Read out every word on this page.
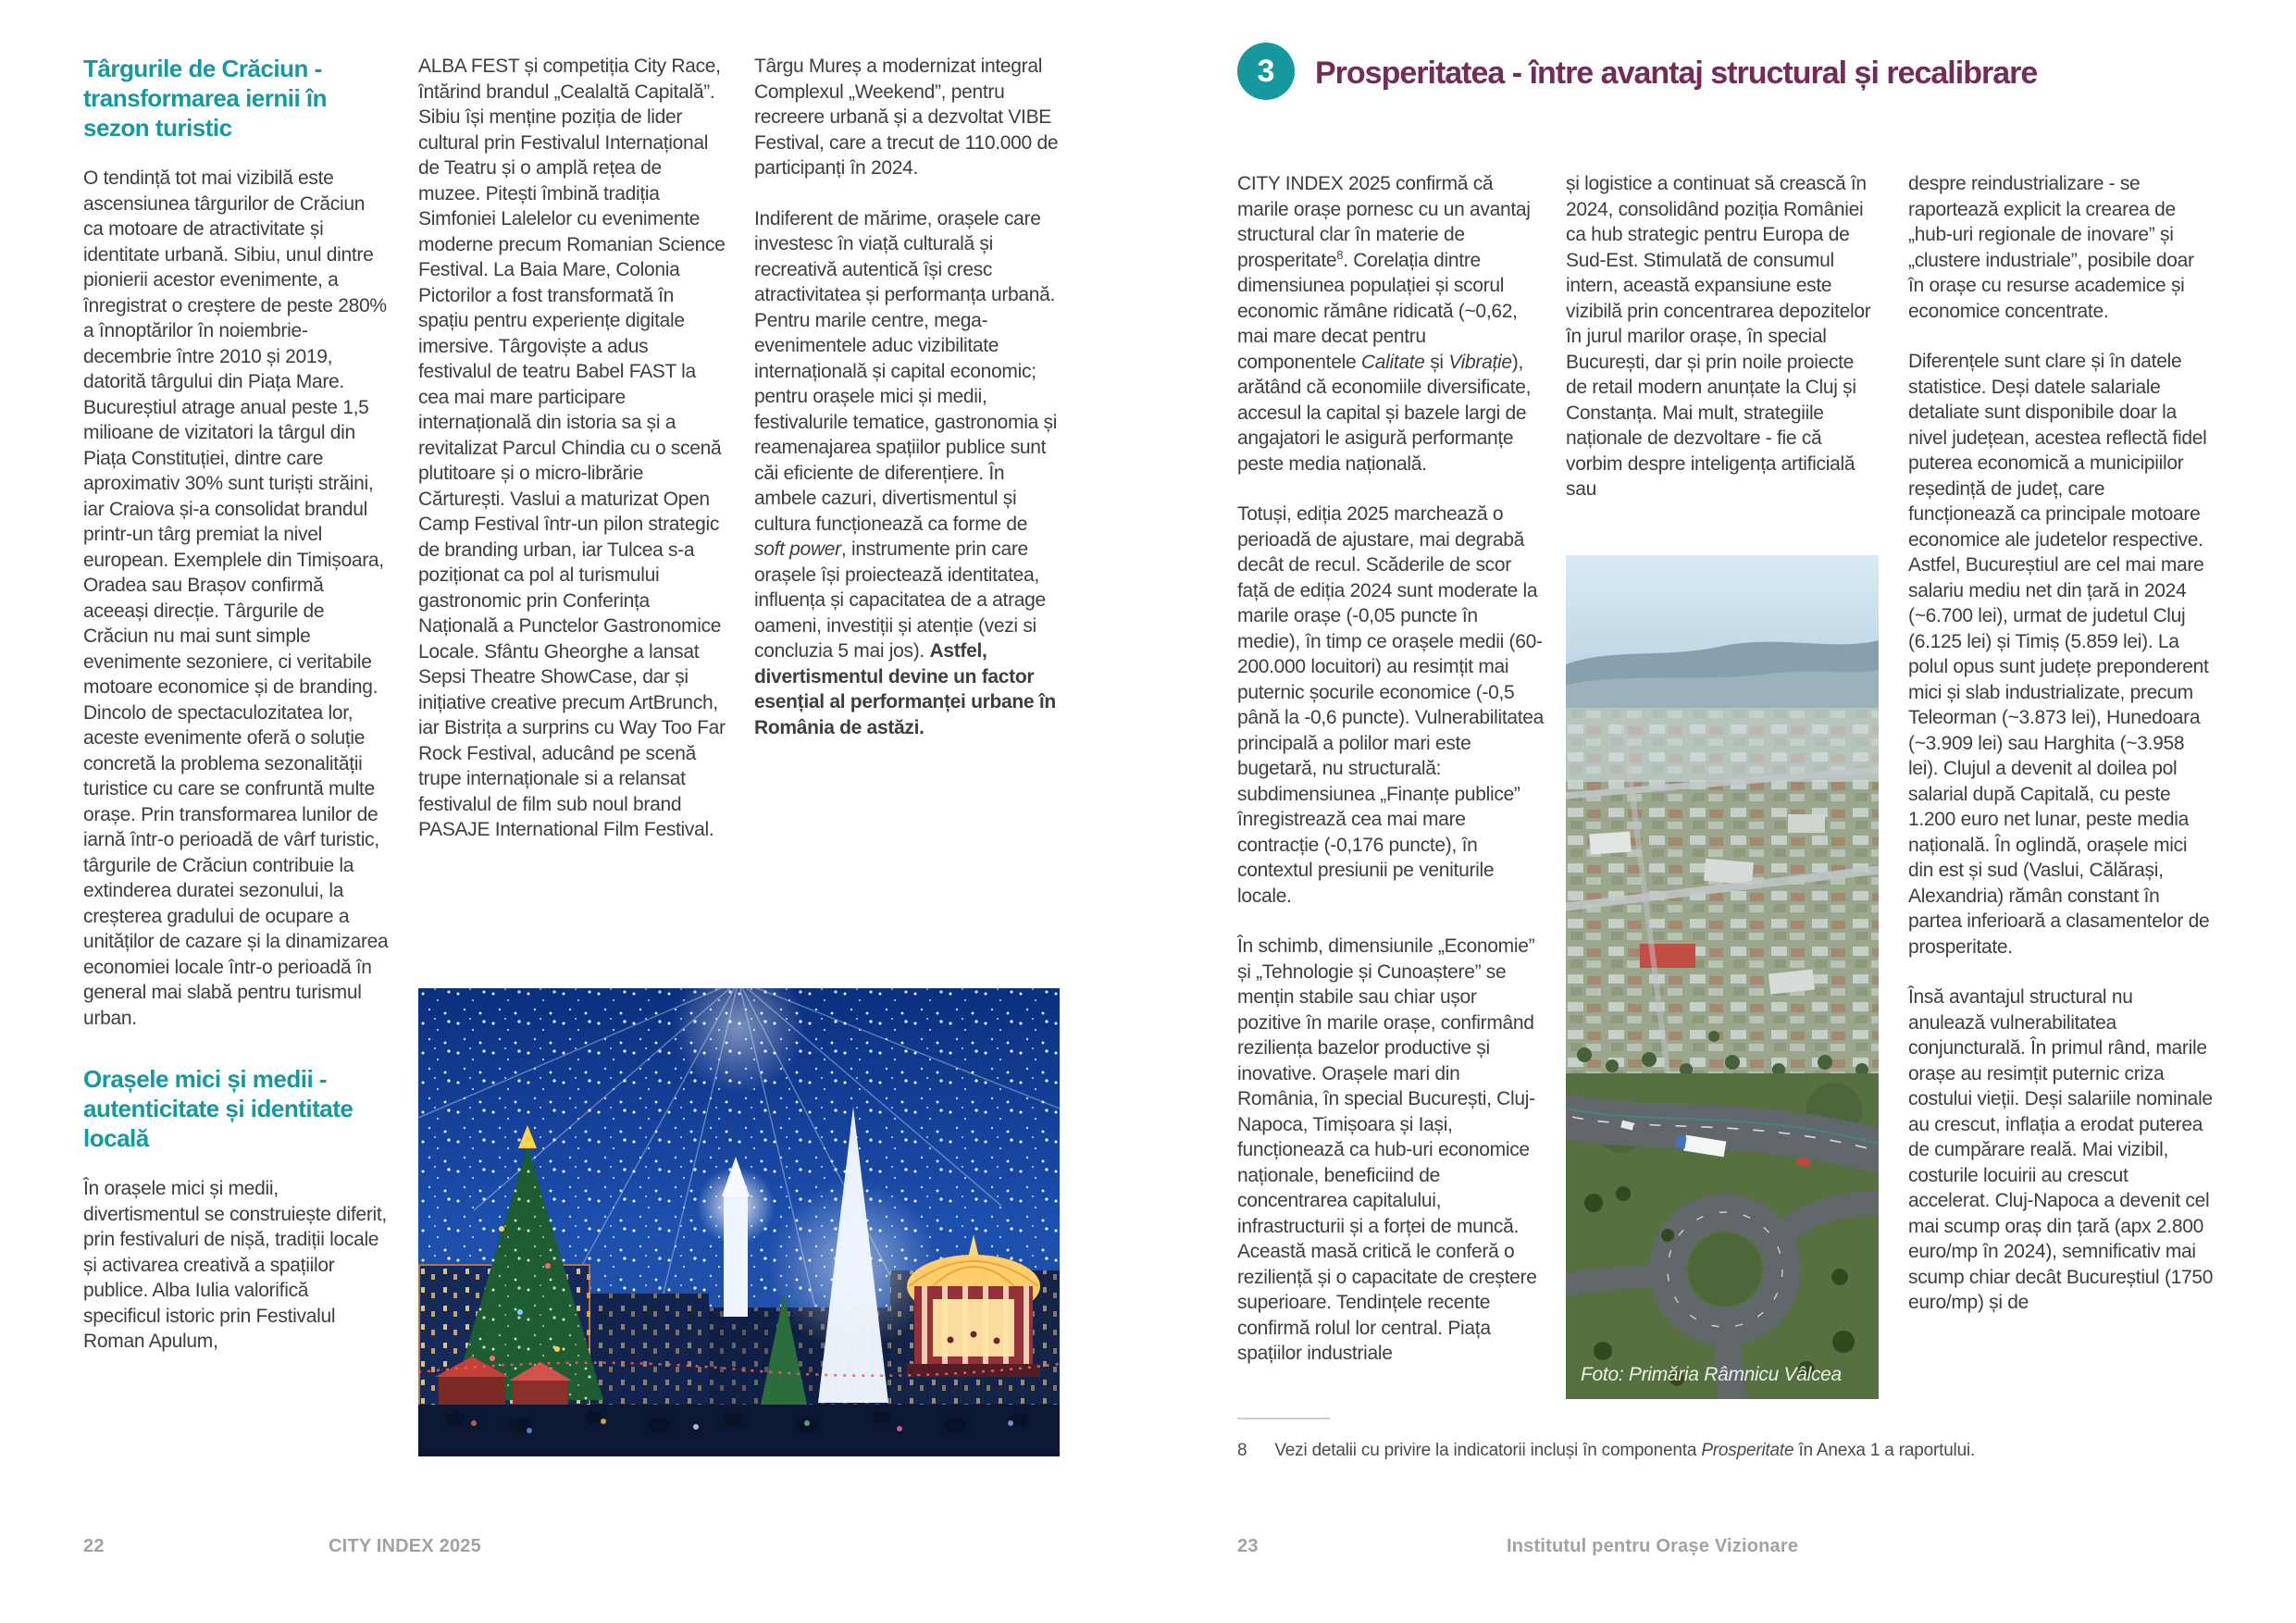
Târgurile de Crăciun - transformarea iernii în sezon turistic

O tendință tot mai vizibilă este ascensiunea târgurilor de Crăciun ca motoare de atractivitate și identitate urbană. Sibiu, unul dintre pionierii acestor evenimente, a înregistrat o creștere de peste 280% a înnoptărilor în noiembrie-decembrie între 2010 și 2019, datorită târgului din Piața Mare. Bucureștiul atrage anual peste 1,5 milioane de vizitatori la târgul din Piața Constituției, dintre care aproximativ 30% sunt turiști străini, iar Craiova și-a consolidat brandul printr-un târg premiat la nivel european. Exemplele din Timișoara, Oradea sau Brașov confirmă aceeași direcție. Târgurile de Crăciun nu mai sunt simple evenimente sezoniere, ci veritabile motoare economice și de branding. Dincolo de spectaculozitatea lor, aceste evenimente oferă o soluție concretă la problema sezonalității turistice cu care se confruntă multe orașe. Prin transformarea lunilor de iarnă într-o perioadă de vârf turistic, târgurile de Crăciun contribuie la extinderea duratei sezonului, la creșterea gradului de ocupare a unităților de cazare și la dinamizarea economiei locale într-o perioadă în general mai slabă pentru turismul urban.

Orașele mici și medii - autenticitate și identitate locală

În orașele mici și medii, divertismentul se construiește diferit, prin festivaluri de nișă, tradiții locale și activarea creativă a spațiilor publice. Alba Iulia valorifică specificul istoric prin Festivalul Roman Apulum,

ALBA FEST și competiția City Race, întărind brandul „Cealaltă Capitală”. Sibiu își menține poziția de lider cultural prin Festivalul Internațional de Teatru și o amplă rețea de muzee. Pitești îmbină tradiția Simfoniei Lalelelor cu evenimente moderne precum Romanian Science Festival. La Baia Mare, Colonia Pictorilor a fost transformată în spațiu pentru experiențe digitale imersive. Târgoviște a adus festivalul de teatru Babel FAST la cea mai mare participare internațională din istoria sa și a revitalizat Parcul Chindia cu o scenă plutitoare și o micro-librărie Cărturești. Vaslui a maturizat Open Camp Festival într-un pilon strategic de branding urban, iar Tulcea s-a poziționat ca pol al turismului gastronomic prin Conferința Națională a Punctelor Gastronomice Locale. Sfântu Gheorghe a lansat Sepsi Theatre ShowCase, dar și inițiative creative precum ArtBrunch, iar Bistrița a surprins cu Way Too Far Rock Festival, aducând pe scenă trupe internaționale si a relansat festivalul de film sub noul brand PASAJE International Film Festival.

Târgu Mureș a modernizat integral Complexul „Weekend”, pentru recreere urbană și a dezvoltat VIBE Festival, care a trecut de 110.000 de participanți în 2024.

Indiferent de mărime, orașele care investesc în viață culturală și recreativă autentică își cresc atractivitatea și performanța urbană. Pentru marile centre, mega-evenimentele aduc vizibilitate internațională și capital economic; pentru orașele mici și medii, festivalurile tematice, gastronomia și reamenajarea spațiilor publice sunt căi eficiente de diferențiere. În ambele cazuri, divertismentul și cultura funcționează ca forme de soft power, instrumente prin care orașele își proiectează identitatea, influența și capacitatea de a atrage oameni, investiții și atenție (vezi si concluzia 5 mai jos). Astfel, divertismentul devine un factor esențial al performanței urbane în România de astăzi.

22	CITY INDEX 2025
3	Prosperitatea - între avantaj structural și recalibrare

CITY INDEX 2025 confirmă că marile orașe pornesc cu un avantaj structural clar în materie de prosperitate$^8$. Corelația dintre dimensiunea populației și scorul economic rămâne ridicată (~0,62, mai mare decat pentru componentele Calitate și Vibrație), arătând că economiile diversificate, accesul la capital și bazele largi de angajatori le asigură performanțe peste media națională.

Totuși, ediția 2025 marchează o perioadă de ajustare, mai degrabă decât de recul. Scăderile de scor față de ediția 2024 sunt moderate la marile orașe (-0,05 puncte în medie), în timp ce orașele medii (60-200.000 locuitori) au resimțit mai puternic șocurile economice (-0,5 până la -0,6 puncte). Vulnerabilitatea principală a polilor mari este bugetară, nu structurală: subdimensiunea „Finanțe publice” înregistrează cea mai mare contracție (-0,176 puncte), în contextul presiunii pe veniturile locale.

În schimb, dimensiunile „Economie” și „Tehnologie și Cunoaștere” se mențin stabile sau chiar ușor pozitive în marile orașe, confirmând reziliența bazelor productive și inovative. Orașele mari din România, în special București, Cluj-Napoca, Timișoara și Iași, funcționează ca hub-uri economice naționale, beneficiind de concentrarea capitalului, infrastructurii și a forței de muncă. Această masă critică le conferă o reziliență și o capacitate de creștere superioare. Tendințele recente confirmă rolul lor central. Piața spațiilor industriale

și logistice a continuat să crească în 2024, consolidând poziția României ca hub strategic pentru Europa de Sud-Est. Stimulată de consumul intern, această expansiune este vizibilă prin concentrarea depozitelor în jurul marilor orașe, în special București, dar și prin noile proiecte de retail modern anunțate la Cluj și Constanța. Mai mult, strategiile naționale de dezvoltare - fie că vorbim despre inteligența artificială sau

despre reindustrializare - se raportează explicit la crearea de „hub-uri regionale de inovare” și „clustere industriale”, posibile doar în orașe cu resurse academice și economice concentrate.

Diferențele sunt clare și în datele statistice. Deși datele salariale detaliate sunt disponibile doar la nivel județean, acestea reflectă fidel puterea economică a municipiilor reședință de județ, care funcționează ca principale motoare economice ale judetelor respective. Astfel, Bucureștiul are cel mai mare salariu mediu net din țară in 2024 (~6.700 lei), urmat de judetul Cluj (6.125 lei) și Timiș (5.859 lei). La polul opus sunt județe preponderent mici și slab industrializate, precum Teleorman (~3.873 lei), Hunedoara (~3.909 lei) sau Harghita (~3.958 lei). Clujul a devenit al doilea pol salarial după Capitală, cu peste 1.200 euro net lunar, peste media națională. În oglindă, orașele mici din est și sud (Vaslui, Călărași, Alexandria) rămân constant în partea inferioară a clasamentelor de prosperitate.

Însă avantajul structural nu anulează vulnerabilitatea conjuncturală. În primul rând, marile orașe au resimțit puternic criza costului vieții. Deși salariile nominale au crescut, inflația a erodat puterea de cumpărare reală. Mai vizibil, costurile locuirii au crescut accelerat. Cluj-Napoca a devenit cel mai scump oraș din țară (apx 2.800 euro/mp în 2024), semnificativ mai scump chiar decât Bucureștiul (1750 euro/mp) și de

Foto: Primăria Râmnicu Vâlcea
8 Vezi detalii cu privire la indicatorii incluși în componenta Prosperitate în Anexa 1 a raportului.
23	Institutul pentru Orașe Vizionare
